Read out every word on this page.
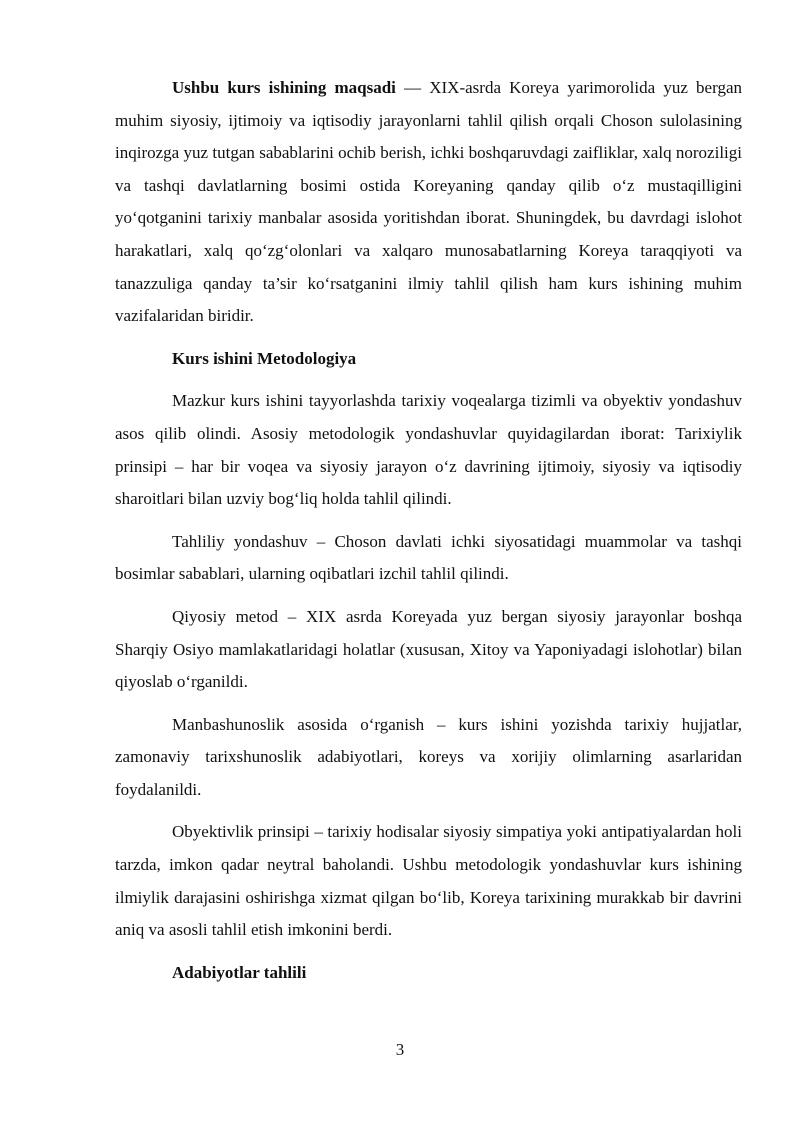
Ushbu kurs ishining maqsadi — XIX-asrda Koreya yarimorolida yuz bergan muhim siyosiy, ijtimoiy va iqtisodiy jarayonlarni tahlil qilish orqali Choson sulolasining inqirozga yuz tutgan sabablarini ochib berish, ichki boshqaruvdagi zaifliklar, xalq noroziligi va tashqi davlatlarning bosimi ostida Koreyaning qanday qilib o‘z mustaqilligini yo‘qotganini tarixiy manbalar asosida yoritishdan iborat. Shuningdek, bu davrdagi islohot harakatlari, xalq qo‘zg‘olonlari va xalqaro munosabatlarning Koreya taraqqiyoti va tanazzuliga qanday ta’sir ko‘rsatganini ilmiy tahlil qilish ham kurs ishining muhim vazifalaridan biridir.

Kurs ishini Metodologiya

Mazkur kurs ishini tayyorlashda tarixiy voqealarga tizimli va obyektiv yondashuv asos qilib olindi. Asosiy metodologik yondashuvlar quyidagilardan iborat: Tarixiylik prinsipi – har bir voqea va siyosiy jarayon o‘z davrining ijtimoiy, siyosiy va iqtisodiy sharoitlari bilan uzviy bog‘liq holda tahlil qilindi.

Tahliliy yondashuv – Choson davlati ichki siyosatidagi muammolar va tashqi bosimlar sabablari, ularning oqibatlari izchil tahlil qilindi.

Qiyosiy metod – XIX asrda Koreyada yuz bergan siyosiy jarayonlar boshqa Sharqiy Osiyo mamlakatlaridagi holatlar (xususan, Xitoy va Yaponiyadagi islohotlar) bilan qiyoslab o‘rganildi.

Manbashunoslik asosida o‘rganish – kurs ishini yozishda tarixiy hujjatlar, zamonaviy tarixshunoslik adabiyotlari, koreys va xorijiy olimlarning asarlaridan foydalanildi.

Obyektivlik prinsipi – tarixiy hodisalar siyosiy simpatiya yoki antipatiyalardan holi tarzda, imkon qadar neytral baholandi. Ushbu metodologik yondashuvlar kurs ishining ilmiylik darajasini oshirishga xizmat qilgan bo‘lib, Koreya tarixining murakkab bir davrini aniq va asosli tahlil etish imkonini berdi.

Adabiyotlar tahlili

3
